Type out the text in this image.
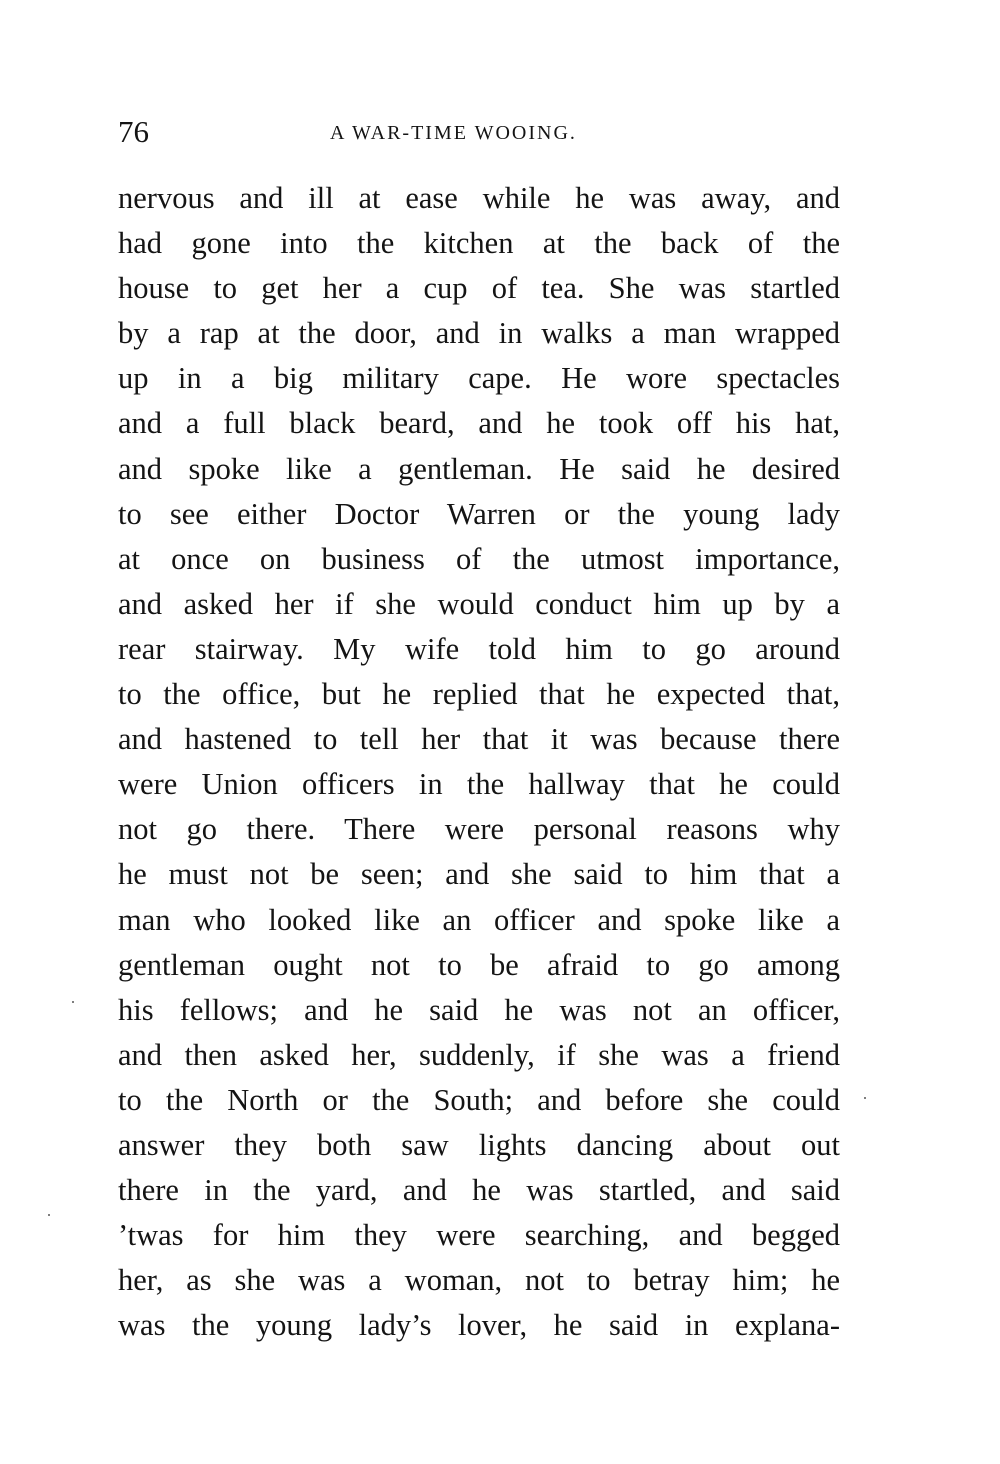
76	A WAR-TIME WOOING.
nervous and ill at ease while he was away, and
had gone into the kitchen at the back of the
house to get her a cup of tea. She was startled
by a rap at the door, and in walks a man wrapped
up in a big military cape. He wore spectacles
and a full black beard, and he took off his hat,
and spoke like a gentleman. He said he desired
to see either Doctor Warren or the young lady
at once on business of the utmost importance,
and asked her if she would conduct him up by a
rear stairway. My wife told him to go around
to the office, but he replied that he expected that,
and hastened to tell her that it was because there
were Union officers in the hallway that he could
not go there. There were personal reasons why
he must not be seen; and she said to him that a
man who looked like an officer and spoke like a
gentleman ought not to be afraid to go among
his fellows; and he said he was not an officer,
and then asked her, suddenly, if she was a friend
to the North or the South; and before she could
answer they both saw lights dancing about out
there in the yard, and he was startled, and said
’twas for him they were searching, and begged
her, as she was a woman, not to betray him; he
was the young lady’s lover, he said in explana-
